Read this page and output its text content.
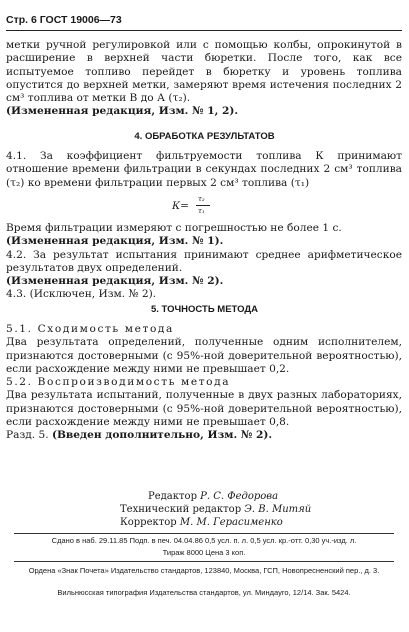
Стр. 6 ГОСТ 19006—73
метки ручной регулировкой или с помощью колбы, опрокинутой в расширение в верхней части бюретки. После того, как все испытуемое топливо перейдет в бюретку и уровень топлива опустится до верхней метки, замеряют время истечения последних 2 см³ топлива от метки В до А (τ₂).
(Измененная редакция, Изм. № 1, 2).
4. ОБРАБОТКА РЕЗУЛЬТАТОВ
4.1. За коэффициент фильтруемости топлива К принимают отношение времени фильтрации в секундах последних 2 см³ топлива (τ₂) ко времени фильтрации первых 2 см³ топлива (τ₁)
К=
τ₂
τ₁
Время фильтрации измеряют с погрешностью не более 1 с.
(Измененная редакция, Изм. № 1).
4.2. За результат испытания принимают среднее арифметическое результатов двух определений.
(Измененная редакция, Изм. № 2).
4.3. (Исключен, Изм. № 2).
5. ТОЧНОСТЬ МЕТОДА
5.1. Сходимость метода
Два результата определений, полученные одним исполнителем, признаются достоверными (с 95%-ной доверительной вероятностью), если расхождение между ними не превышает 0,2.
5.2. Воспроизводимость метода
Два результата испытаний, полученные в двух разных лабораториях, признаются достоверными (с 95%-ной доверительной вероятностью), если расхождение между ними не превышает 0,8.
Разд. 5. (Введен дополнительно, Изм. № 2).
Редактор Р. С. Федорова
Технический редактор Э. В. Митяй
Корректор М. М. Герасименко
Сдано в наб. 29.11.85 Подп. в печ. 04.04.86 0,5 усл. п. л. 0,5 усл. кр.-отт. 0,30 уч.-изд. л.
Тираж 8000 Цена 3 коп.
Ордена «Знак Почета» Издательство стандартов, 123840, Москва, ГСП, Новопресненский пер., д. 3.
Вильнюсская типография Издательства стандартов, ул. Миндауго, 12/14. Зак. 5424.
